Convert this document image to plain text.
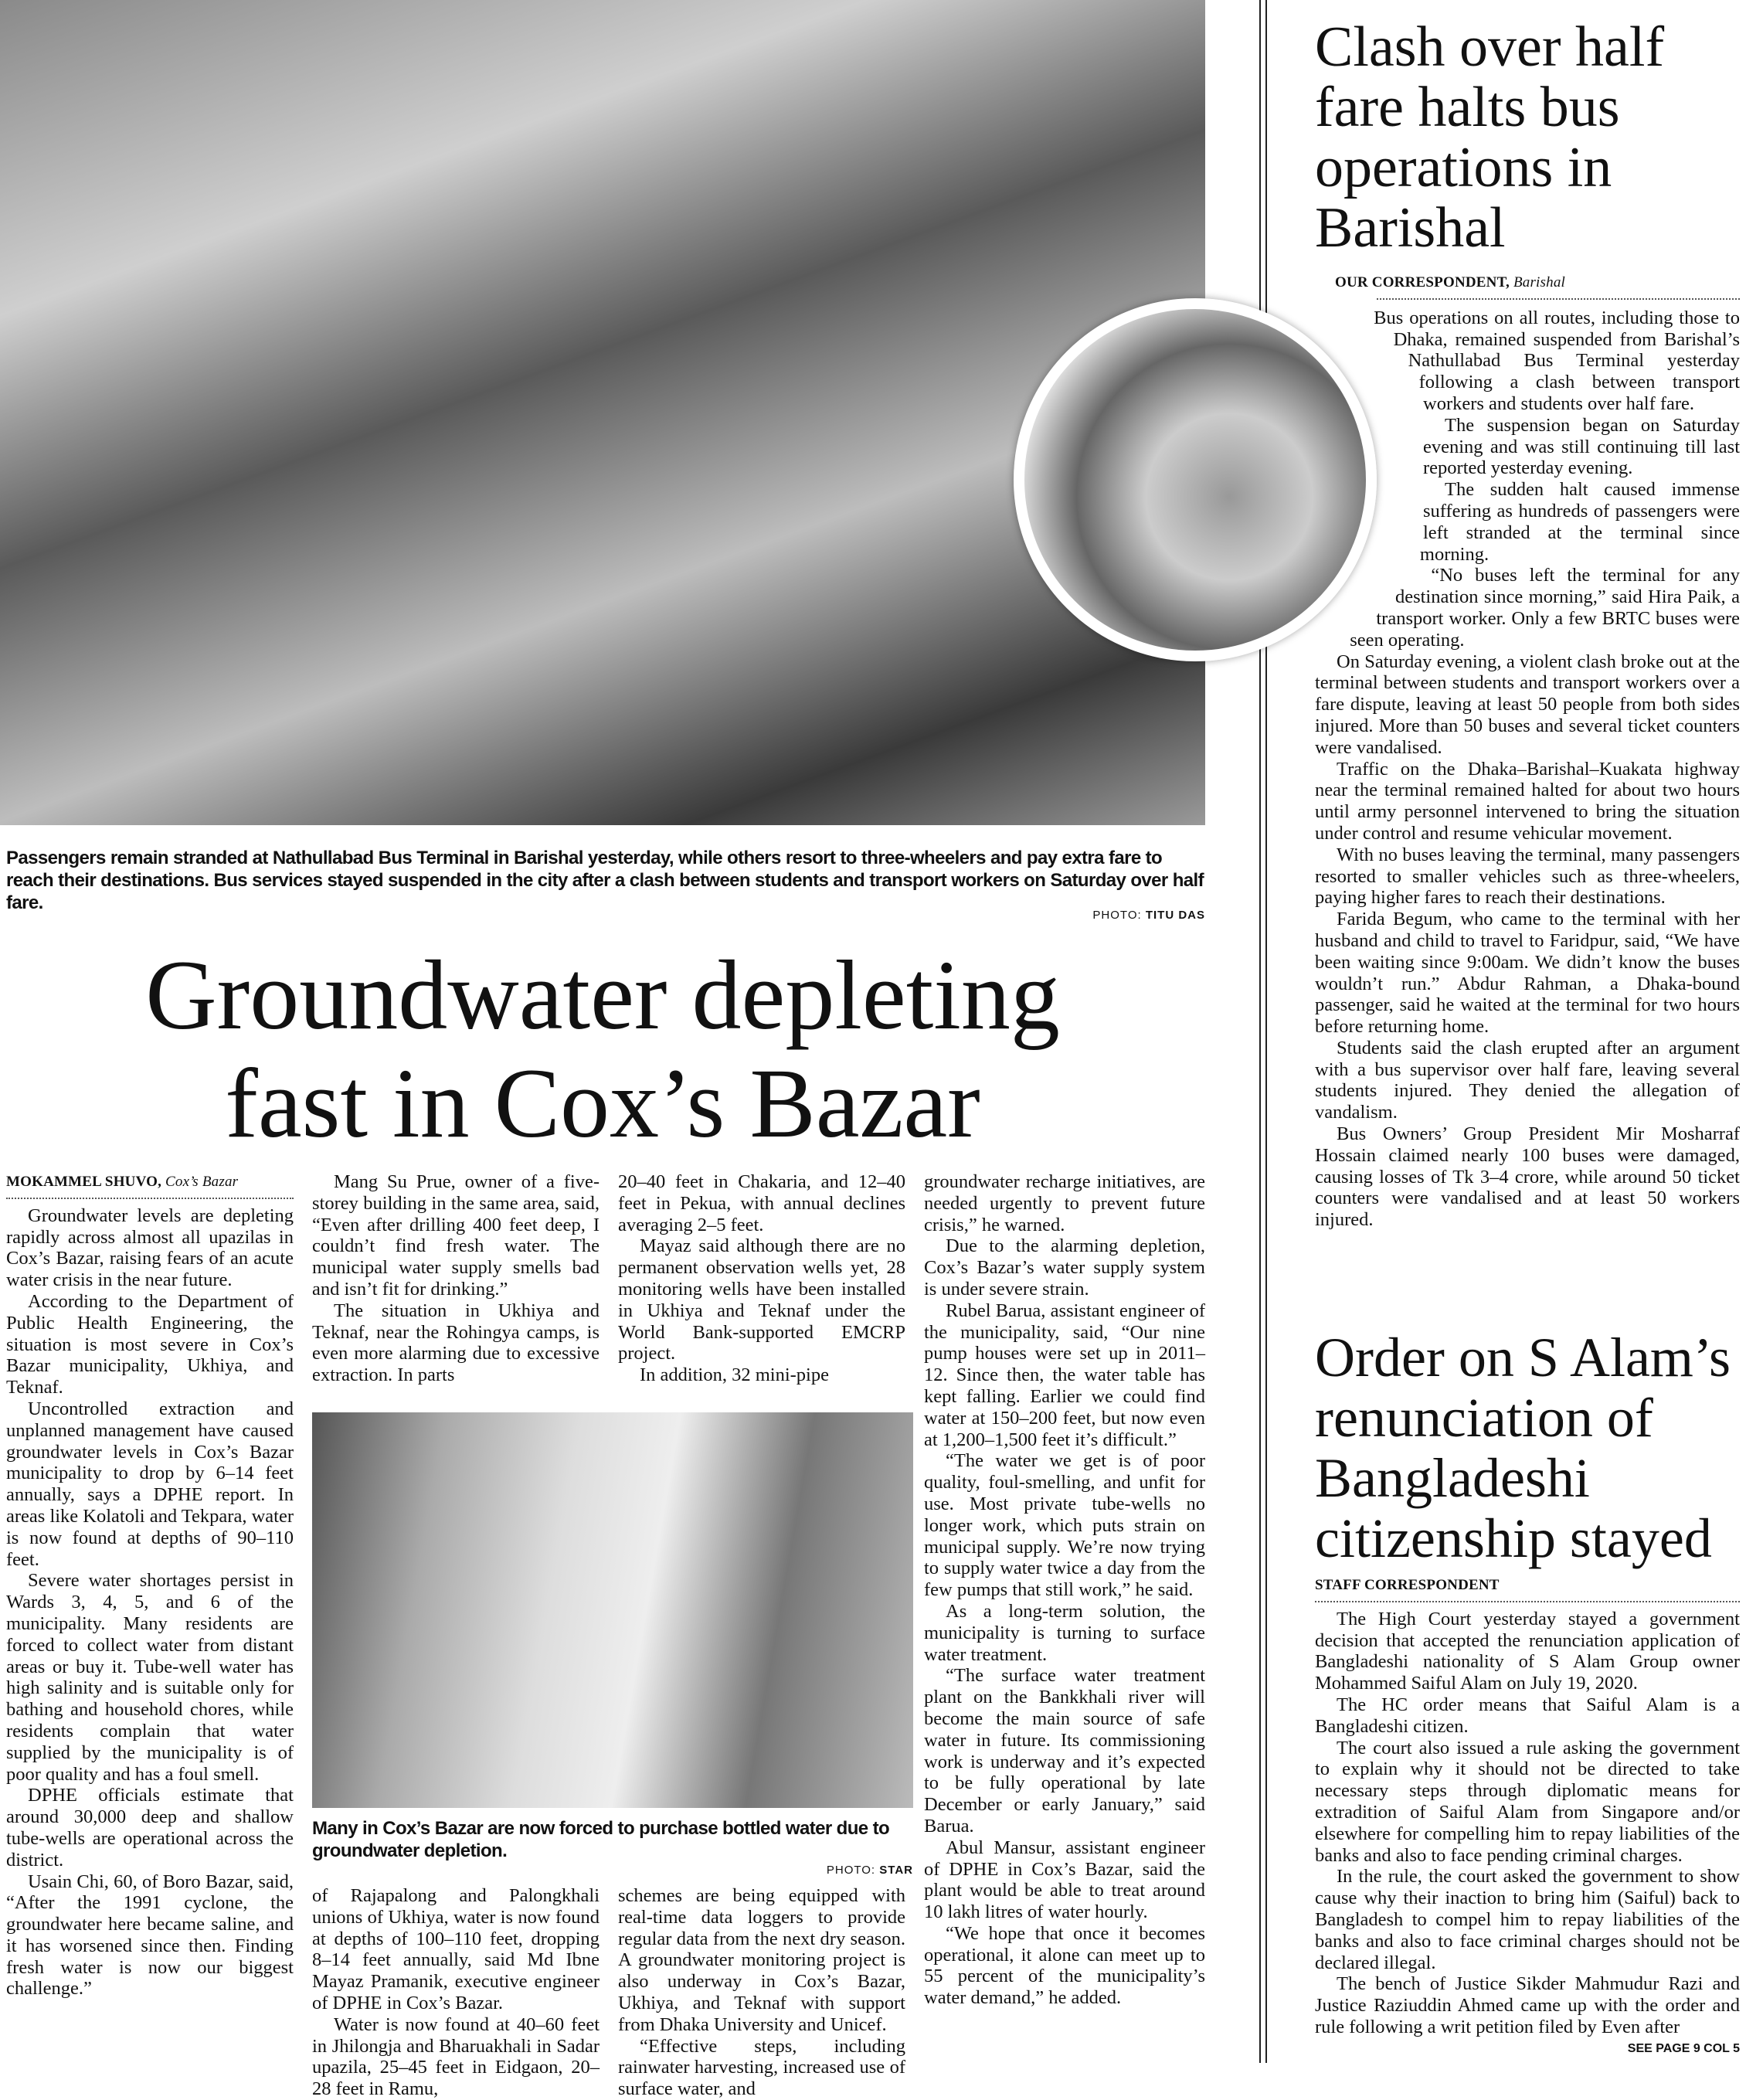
Passengers remain stranded at Nathullabad Bus Terminal in Barishal yesterday, while others resort to three-wheelers and pay extra fare to reach their destinations. Bus services stayed suspended in the city after a clash between students and transport workers on Saturday over half fare.
PHOTO: TITU DAS
Groundwater depleting
fast in Cox’s Bazar
MOKAMMEL SHUVO, Cox’s Bazar

Groundwater levels are depleting rapidly across almost all upazilas in Cox’s Bazar, raising fears of an acute water crisis in the near future.

According to the Department of Public Health Engineering, the situation is most severe in Cox’s Bazar municipality, Ukhiya, and Teknaf.

Uncontrolled extraction and unplanned management have caused groundwater levels in Cox’s Bazar municipality to drop by 6–14 feet annually, says a DPHE report. In areas like Kolatoli and Tekpara, water is now found at depths of 90–110 feet.

Severe water shortages persist in Wards 3, 4, 5, and 6 of the municipality. Many residents are forced to collect water from distant areas or buy it. Tube-well water has high salinity and is suitable only for bathing and household chores, while residents complain that water supplied by the municipality is of poor quality and has a foul smell.

DPHE officials estimate that around 30,000 deep and shallow tube-wells are operational across the district.

Usain Chi, 60, of Boro Bazar, said, “After the 1991 cyclone, the groundwater here became saline, and it has worsened since then. Finding fresh water is now our biggest challenge.”

Mang Su Prue, owner of a five-storey building in the same area, said, “Even after drilling 400 feet deep, I couldn’t find fresh water. The municipal water supply smells bad and isn’t fit for drinking.”

The situation in Ukhiya and Teknaf, near the Rohingya camps, is even more alarming due to excessive extraction. In parts

20–40 feet in Chakaria, and 12–40 feet in Pekua, with annual declines averaging 2–5 feet.

Mayaz said although there are no permanent observation wells yet, 28 monitoring wells have been installed in Ukhiya and Teknaf under the World Bank-supported EMCRP project.

In addition, 32 mini-pipe

groundwater recharge initiatives, are needed urgently to prevent future crisis,” he warned.

Due to the alarming depletion, Cox’s Bazar’s water supply system is under severe strain.

Rubel Barua, assistant engineer of the municipality, said, “Our nine pump houses were set up in 2011–12. Since then, the water table has kept falling. Earlier we could find water at 150–200 feet, but now even at 1,200–1,500 feet it’s difficult.”

“The water we get is of poor quality, foul-smelling, and unfit for use. Most private tube-wells no longer work, which puts strain on municipal supply. We’re now trying to supply water twice a day from the few pumps that still work,” he said.

As a long-term solution, the municipality is turning to surface water treatment.

“The surface water treatment plant on the Bankkhali river will become the main source of safe water in future. Its commissioning work is underway and it’s expected to be fully operational by late December or early January,” said Barua.

Abul Mansur, assistant engineer of DPHE in Cox’s Bazar, said the plant would be able to treat around 10 lakh litres of water hourly.

“We hope that once it becomes operational, it alone can meet up to 55 percent of the municipality’s water demand,” he added.

Many in Cox’s Bazar are now forced to purchase bottled water due to groundwater depletion.
PHOTO: STAR

of Rajapalong and Palongkhali unions of Ukhiya, water is now found at depths of 100–110 feet, dropping 8–14 feet annually, said Md Ibne Mayaz Pramanik, executive engineer of DPHE in Cox’s Bazar.

Water is now found at 40–60 feet in Jhilongja and Bharuakhali in Sadar upazila, 25–45 feet in Eidgaon, 20–28 feet in Ramu,

schemes are being equipped with real-time data loggers to provide regular data from the next dry season. A groundwater monitoring project is also underway in Cox’s Bazar, Ukhiya, and Teknaf with support from Dhaka University and Unicef.

“Effective steps, including rainwater harvesting, increased use of surface water, and

Clash over half fare halts bus operations in Barishal
OUR CORRESPONDENT, Barishal

Bus operations on all routes, including those to Dhaka, remained suspended from Barishal’s Nathullabad Bus Terminal yesterday following a clash between transport workers and students over half fare.

The suspension began on Saturday evening and was still continuing till last reported yesterday evening.

The sudden halt caused immense suffering as hundreds of passengers were left stranded at the terminal since morning.

“No buses left the terminal for any destination since morning,” said Hira Paik, a transport worker. Only a few BRTC buses were seen operating.

On Saturday evening, a violent clash broke out at the terminal between students and transport workers over a fare dispute, leaving at least 50 people from both sides injured. More than 50 buses and several ticket counters were vandalised.

Traffic on the Dhaka–Barishal–Kuakata highway near the terminal remained halted for about two hours until army personnel intervened to bring the situation under control and resume vehicular movement.

With no buses leaving the terminal, many passengers resorted to smaller vehicles such as three-wheelers, paying higher fares to reach their destinations.

Farida Begum, who came to the terminal with her husband and child to travel to Faridpur, said, “We have been waiting since 9:00am. We didn’t know the buses wouldn’t run.” Abdur Rahman, a Dhaka-bound passenger, said he waited at the terminal for two hours before returning home.

Students said the clash erupted after an argument with a bus supervisor over half fare, leaving several students injured. They denied the allegation of vandalism.

Bus Owners’ Group President Mir Mosharraf Hossain claimed nearly 100 buses were damaged, causing losses of Tk 3–4 crore, while around 50 ticket counters were vandalised and at least 50 workers injured.

Order on S Alam’s renunciation of Bangladeshi citizenship stayed
STAFF CORRESPONDENT

The High Court yesterday stayed a government decision that accepted the renunciation application of Bangladeshi nationality of S Alam Group owner Mohammed Saiful Alam on July 19, 2020.

The HC order means that Saiful Alam is a Bangladeshi citizen.

The court also issued a rule asking the government to explain why it should not be directed to take necessary steps through diplomatic means for extradition of Saiful Alam from Singapore and/or elsewhere for compelling him to repay liabilities of the banks and also to face pending criminal charges.

In the rule, the court asked the government to show cause why their inaction to bring him (Saiful) back to Bangladesh to compel him to repay liabilities of the banks and also to face criminal charges should not be declared illegal.

The bench of Justice Sikder Mahmudur Razi and Justice Raziuddin Ahmed came up with the order and rule following a writ petition filed by Even after

SEE PAGE 9 COL 5
